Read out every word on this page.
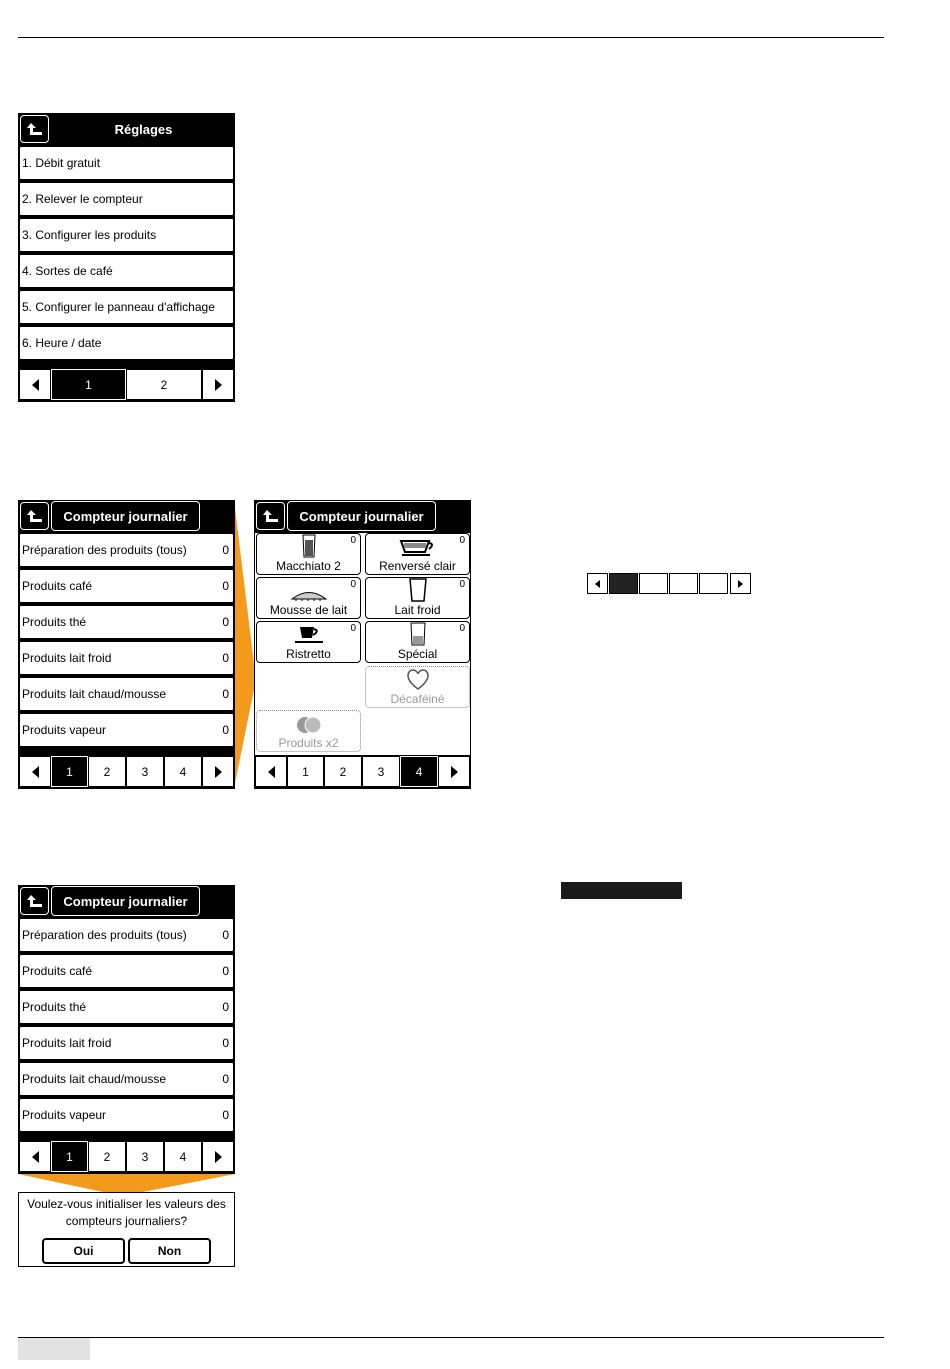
Réglages
1. Débit gratuit
2. Relever le compteur
3. Configurer les produits
4. Sortes de café
5. Configurer le panneau d'affichage
6. Heure / date
1	2
Compteur journalier
Préparation des produits (tous)	0
Produits café	0
Produits thé	0
Produits lait froid	0
Produits lait chaud/mousse	0
Produits vapeur	0
1	2	3	4
Compteur journalier
0
Macchiato 2
0
Renversé clair
0
Mousse de lait
0
Lait froid
0
Ristretto
0
Spécial
Décaféiné
Produits x2
1	2	3	4
Compteur journalier
Préparation des produits (tous)	0
Produits café	0
Produits thé	0
Produits lait froid	0
Produits lait chaud/mousse	0
Produits vapeur	0
1	2	3	4
Voulez-vous initialiser les valeurs des compteurs journaliers?
Oui	Non
